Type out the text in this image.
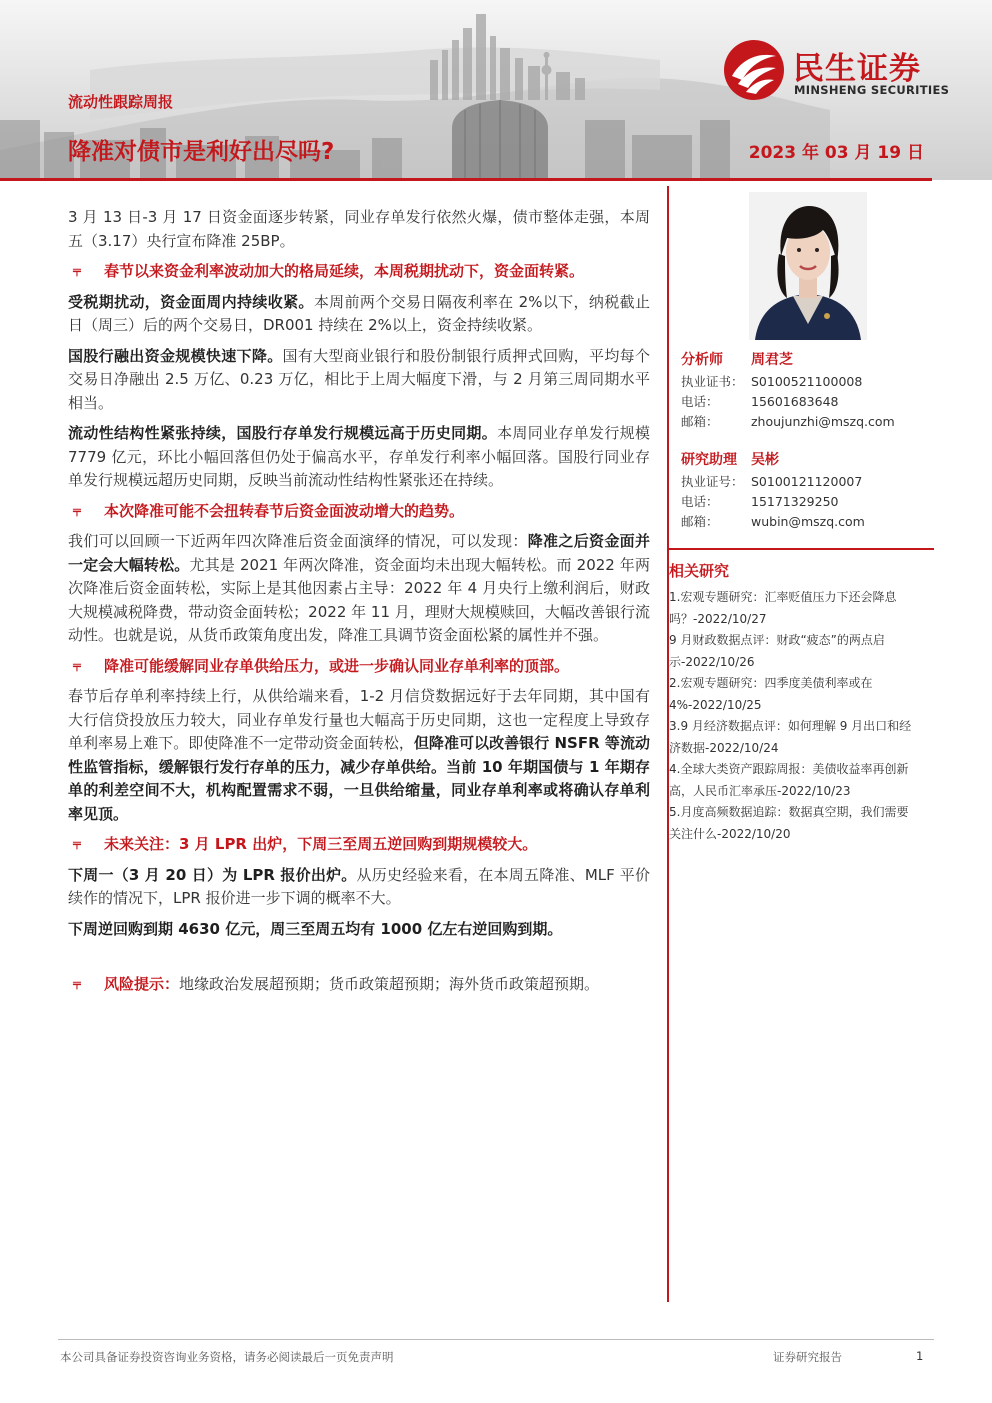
流动性跟踪周报
降准对债市是利好出尽吗?	2023 年 03 月 19 日
民生证券
MINSHENG SECURITIES

3 月 13 日-3 月 17 日资金面逐步转紧，同业存单发行依然火爆，债市整体走强，本周五（3.17）央行宣布降准 25BP。

⫧	春节以来资金利率波动加大的格局延续，本周税期扰动下，资金面转紧。

受税期扰动，资金面周内持续收紧。本周前两个交易日隔夜利率在 2%以下，纳税截止日（周三）后的两个交易日，DR001 持续在 2%以上，资金持续收紧。

国股行融出资金规模快速下降。国有大型商业银行和股份制银行质押式回购，平均每个交易日净融出 2.5 万亿、0.23 万亿，相比于上周大幅度下滑，与 2 月第三周同期水平相当。

流动性结构性紧张持续，国股行存单发行规模远高于历史同期。本周同业存单发行规模 7779 亿元，环比小幅回落但仍处于偏高水平，存单发行利率小幅回落。国股行同业存单发行规模远超历史同期，反映当前流动性结构性紧张还在持续。

⫧	本次降准可能不会扭转春节后资金面波动增大的趋势。

我们可以回顾一下近两年四次降准后资金面演绎的情况，可以发现：降准之后资金面并一定会大幅转松。尤其是 2021 年两次降准，资金面均未出现大幅转松。而 2022 年两次降准后资金面转松，实际上是其他因素占主导：2022 年 4 月央行上缴利润后，财政大规模减税降费，带动资金面转松；2022 年 11 月，理财大规模赎回，大幅改善银行流动性。也就是说，从货币政策角度出发，降准工具调节资金面松紧的属性并不强。

⫧	降准可能缓解同业存单供给压力，或进一步确认同业存单利率的顶部。

春节后存单利率持续上行，从供给端来看，1-2 月信贷数据远好于去年同期，其中国有大行信贷投放压力较大，同业存单发行量也大幅高于历史同期，这也一定程度上导致存单利率易上难下。即使降准不一定带动资金面转松，但降准可以改善银行 NSFR 等流动性监管指标，缓解银行发行存单的压力，减少存单供给。当前 10 年期国债与 1 年期存单的利差空间不大，机构配置需求不弱，一旦供给缩量，同业存单利率或将确认存单利率见顶。

⫧	未来关注：3 月 LPR 出炉，下周三至周五逆回购到期规模较大。

下周一（3 月 20 日）为 LPR 报价出炉。从历史经验来看，在本周五降准、MLF 平价续作的情况下，LPR 报价进一步下调的概率不大。

下周逆回购到期 4630 亿元，周三至周五均有 1000 亿左右逆回购到期。

⫧	风险提示：地缘政治发展超预期；货币政策超预期；海外货币政策超预期。
分析师 周君芝
执业证书： S0100521100008
电话：	15601683648
邮箱：	zhoujunzhi@mszq.com
研究助理 吴彬
执业证号： S0100121120007
电话：	15171329250
邮箱：	wubin@mszq.com
相关研究
1.宏观专题研究：汇率贬值压力下还会降息吗？-2022/10/27
9 月财政数据点评：财政“疲态”的两点启示-2022/10/26
2.宏观专题研究：四季度美债利率或在 4%-2022/10/25
3.9 月经济数据点评：如何理解 9 月出口和经济数据-2022/10/24
4.全球大类资产跟踪周报：美债收益率再创新高，人民币汇率承压-2022/10/23
5.月度高频数据追踪：数据真空期，我们需要关注什么-2022/10/20
本公司具备证券投资咨询业务资格，请务必阅读最后一页免责声明	证券研究报告	1
